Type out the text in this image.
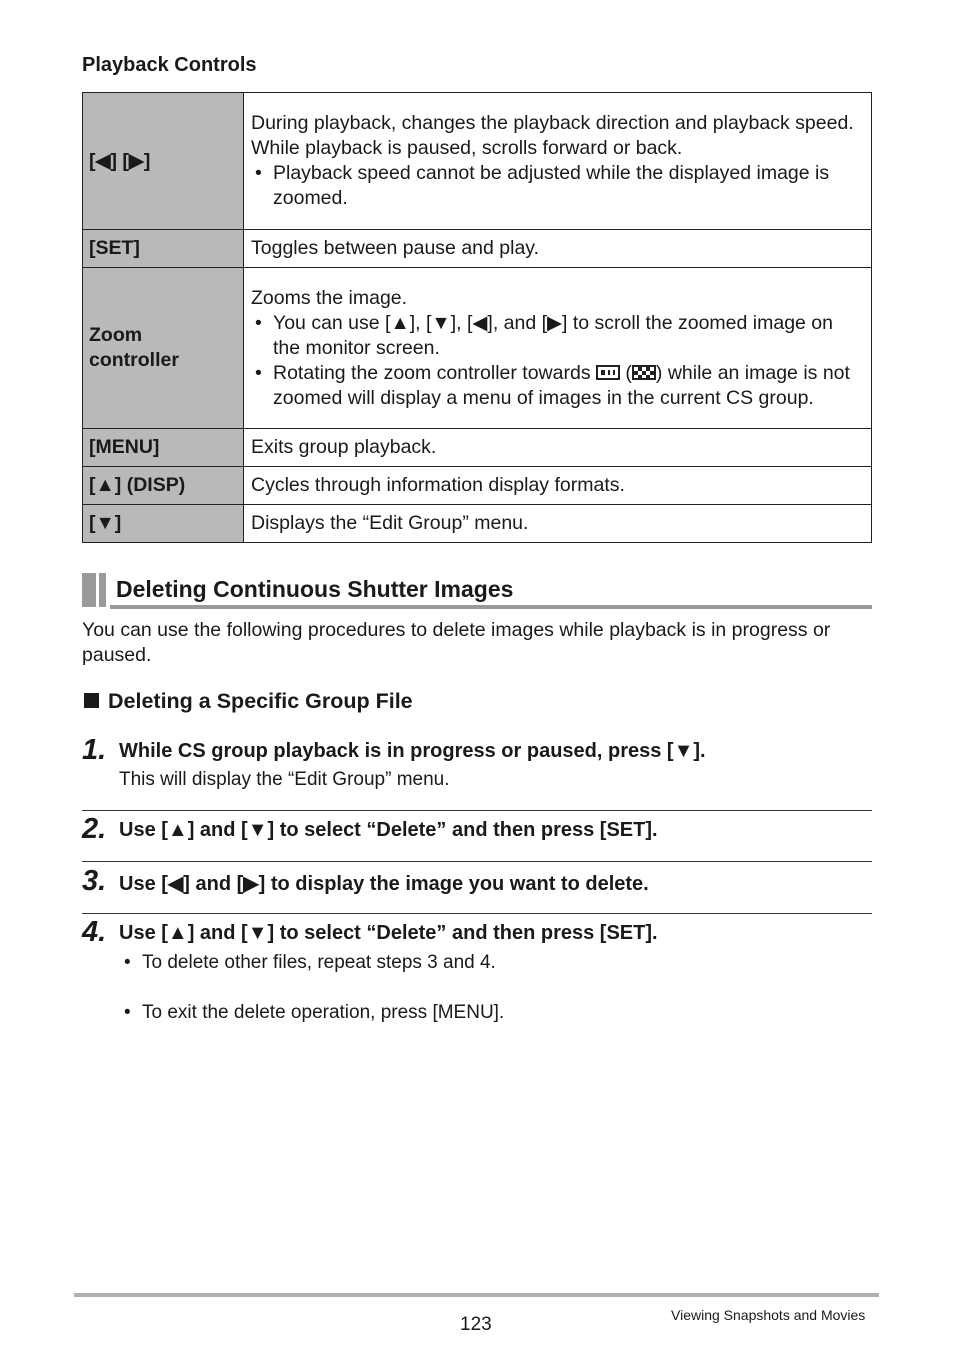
Playback Controls
[◀] [▶]	During playback, changes the playback direction and playback speed.
While playback is paused, scrolls forward or back.
• Playback speed cannot be adjusted while the displayed image is zoomed.

[SET]	Toggles between pause and play.

Zoom controller	Zooms the image.
• You can use [▲], [▼], [◀], and [▶] to scroll the zoomed image on the monitor screen.
• Rotating the zoom controller towards ( ) while an image is not zoomed will display a menu of images in the current CS group.

[MENU]	Exits group playback.

[▲] (DISP)	Cycles through information display formats.

[▼]	Displays the “Edit Group” menu.
Deleting Continuous Shutter Images
You can use the following procedures to delete images while playback is in progress or paused.
Deleting a Specific Group File
1. While CS group playback is in progress or paused, press [▼].
This will display the “Edit Group” menu.
2. Use [▲] and [▼] to select “Delete” and then press [SET].
3. Use [◀] and [▶] to display the image you want to delete.
4. Use [▲] and [▼] to select “Delete” and then press [SET].
• To delete other files, repeat steps 3 and 4.
• To exit the delete operation, press [MENU].
123	Viewing Snapshots and Movies
